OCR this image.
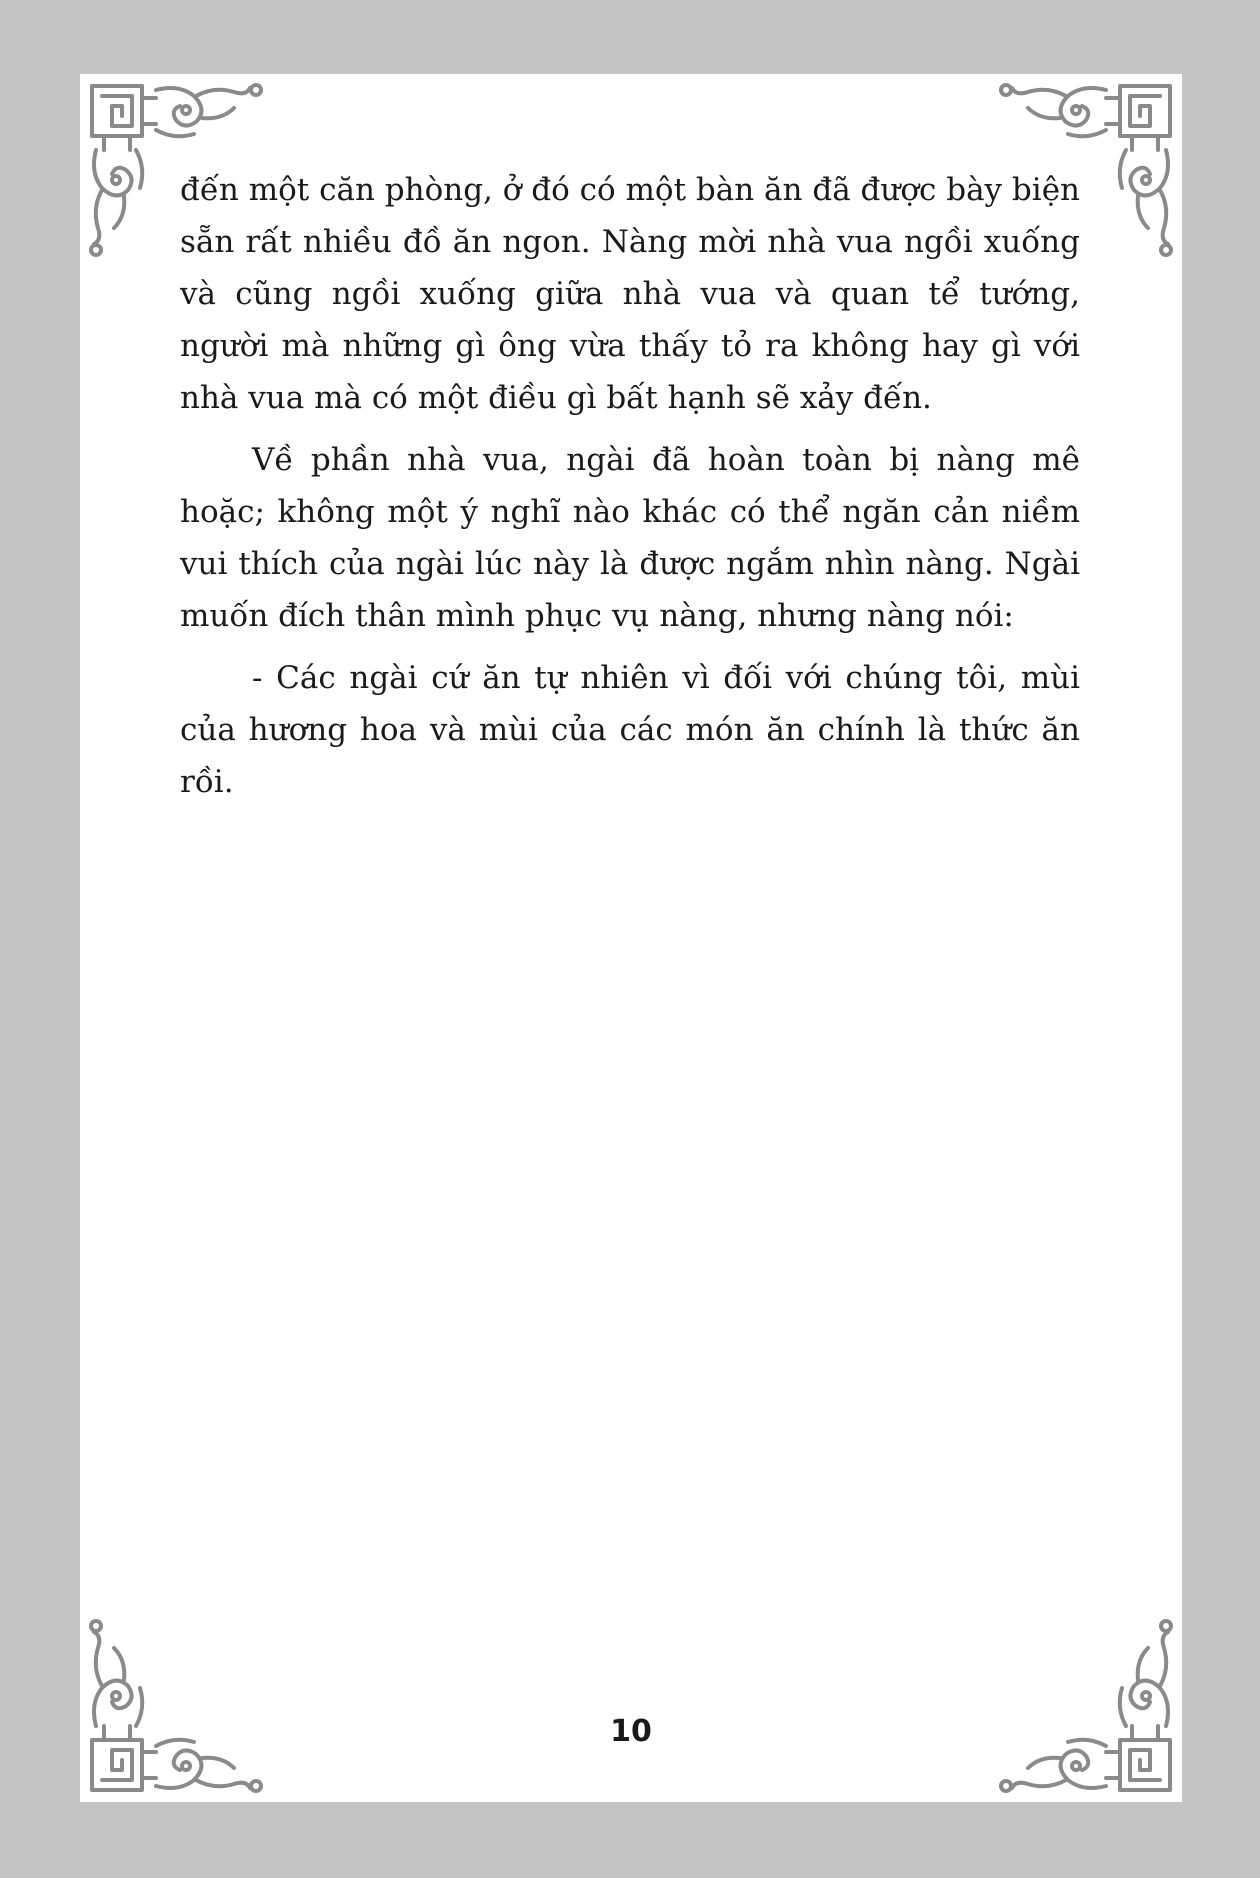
đến một căn phòng, ở đó có một bàn ăn đã được bày biện sẵn rất nhiều đồ ăn ngon. Nàng mời nhà vua ngồi xuống và cũng ngồi xuống giữa nhà vua và quan tể tướng, người mà những gì ông vừa thấy tỏ ra không hay gì với nhà vua mà có một điều gì bất hạnh sẽ xảy đến.

Về phần nhà vua, ngài đã hoàn toàn bị nàng mê hoặc; không một ý nghĩ nào khác có thể ngăn cản niềm vui thích của ngài lúc này là được ngắm nhìn nàng. Ngài muốn đích thân mình phục vụ nàng, nhưng nàng nói:

- Các ngài cứ ăn tự nhiên vì đối với chúng tôi, mùi của hương hoa và mùi của các món ăn chính là thức ăn rồi.

10
